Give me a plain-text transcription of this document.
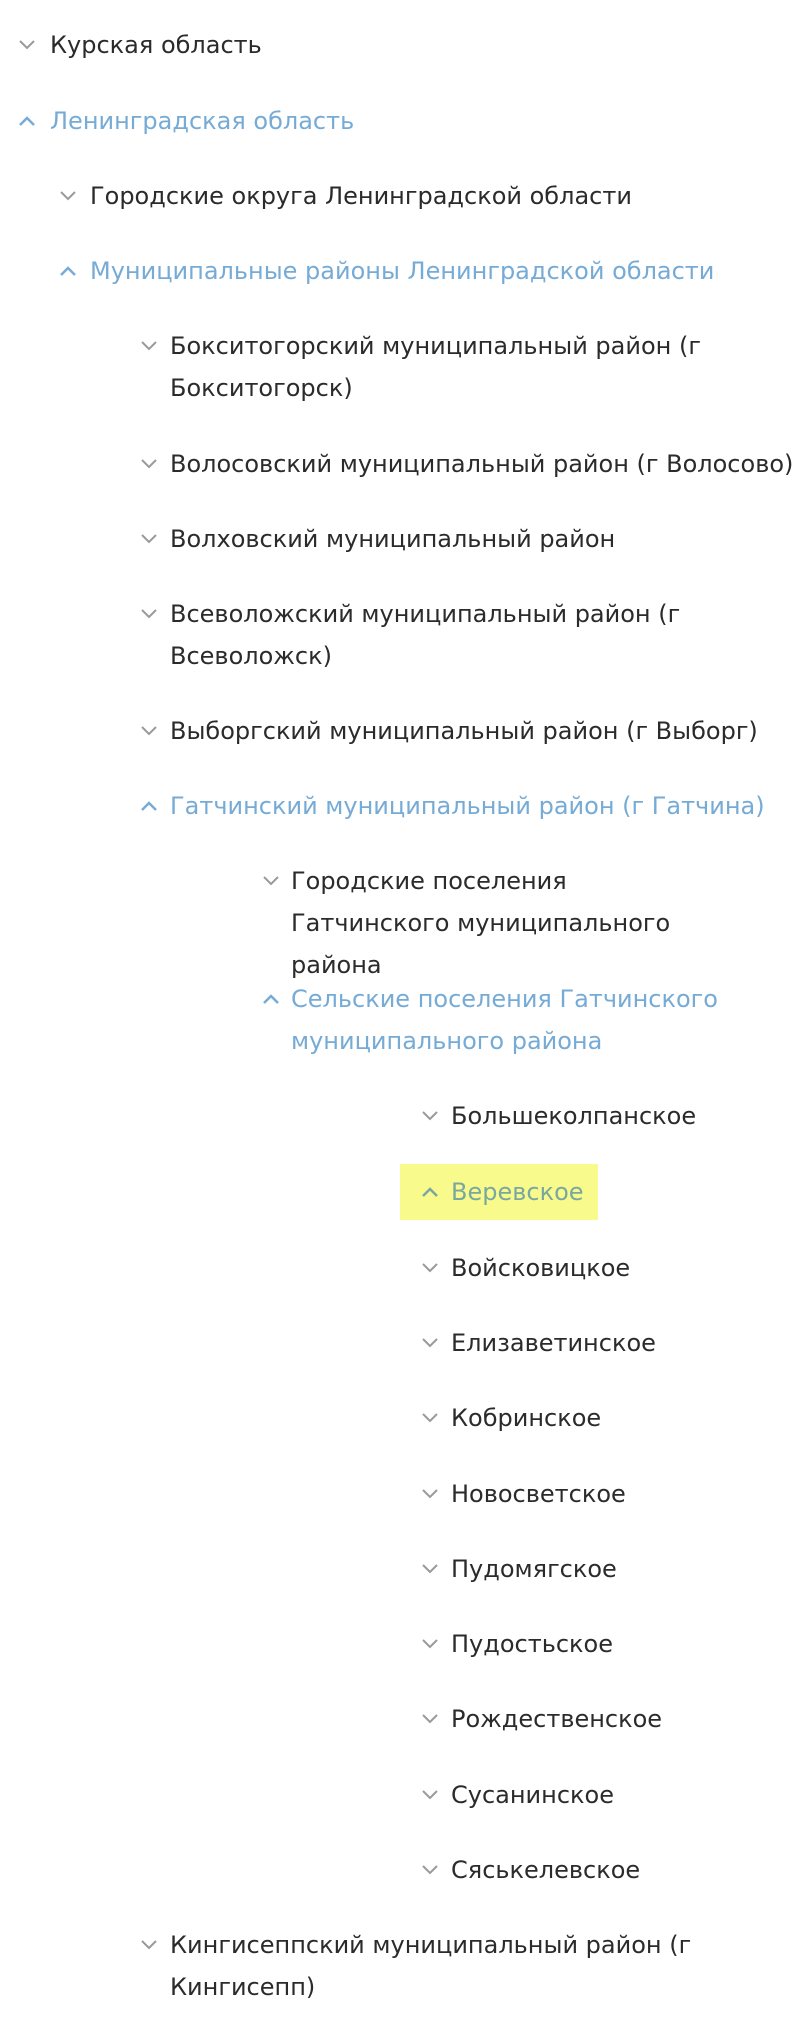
Курская область
Ленинградская область
Городские округа Ленинградской области
Муниципальные районы Ленинградской области
Бокситогорский муниципальный район (г Бокситогорск)
Волосовский муниципальный район (г Волосово)
Волховский муниципальный район
Всеволожский муниципальный район (г Всеволожск)
Выборгский муниципальный район (г Выборг)
Гатчинский муниципальный район (г Гатчина)
Городские поселения Гатчинского муниципального района
Сельские поселения Гатчинского муниципального района
Большеколпанское
Веревское
Войсковицкое
Елизаветинское
Кобринское
Новосветское
Пудомягское
Пудостьское
Рождественское
Сусанинское
Сяськелевское
Кингисеппский муниципальный район (г Кингисепп)
